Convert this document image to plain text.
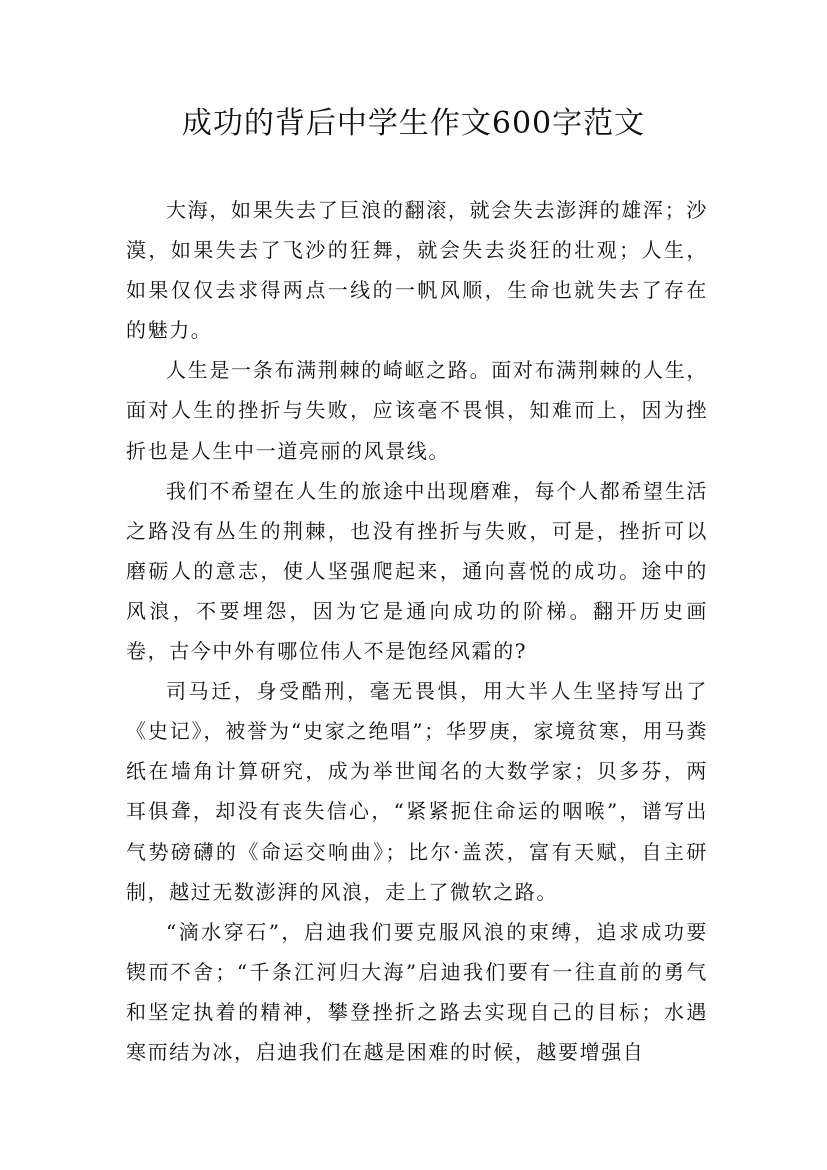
成功的背后中学生作文600字范文

大海，如果失去了巨浪的翻滚，就会失去澎湃的雄浑；沙漠，如果失去了飞沙的狂舞，就会失去炎狂的壮观；人生，如果仅仅去求得两点一线的一帆风顺，生命也就失去了存在的魅力。

人生是一条布满荆棘的崎岖之路。面对布满荆棘的人生，面对人生的挫折与失败，应该毫不畏惧，知难而上，因为挫折也是人生中一道亮丽的风景线。

我们不希望在人生的旅途中出现磨难，每个人都希望生活之路没有丛生的荆棘，也没有挫折与失败，可是，挫折可以磨砺人的意志，使人坚强爬起来，通向喜悦的成功。途中的风浪，不要埋怨，因为它是通向成功的阶梯。翻开历史画卷，古今中外有哪位伟人不是饱经风霜的?

司马迁，身受酷刑，毫无畏惧，用大半人生坚持写出了《史记》，被誉为“史家之绝唱”；华罗庚，家境贫寒，用马粪纸在墙角计算研究，成为举世闻名的大数学家；贝多芬，两耳俱聋，却没有丧失信心，“紧紧扼住命运的咽喉”，谱写出气势磅礴的《命运交响曲》；比尔·盖茨，富有天赋，自主研制，越过无数澎湃的风浪，走上了微软之路。

“滴水穿石”，启迪我们要克服风浪的束缚，追求成功要锲而不舍；“千条江河归大海”启迪我们要有一往直前的勇气和坚定执着的精神，攀登挫折之路去实现自己的目标；水遇寒而结为冰，启迪我们在越是困难的时候，越要增强自
